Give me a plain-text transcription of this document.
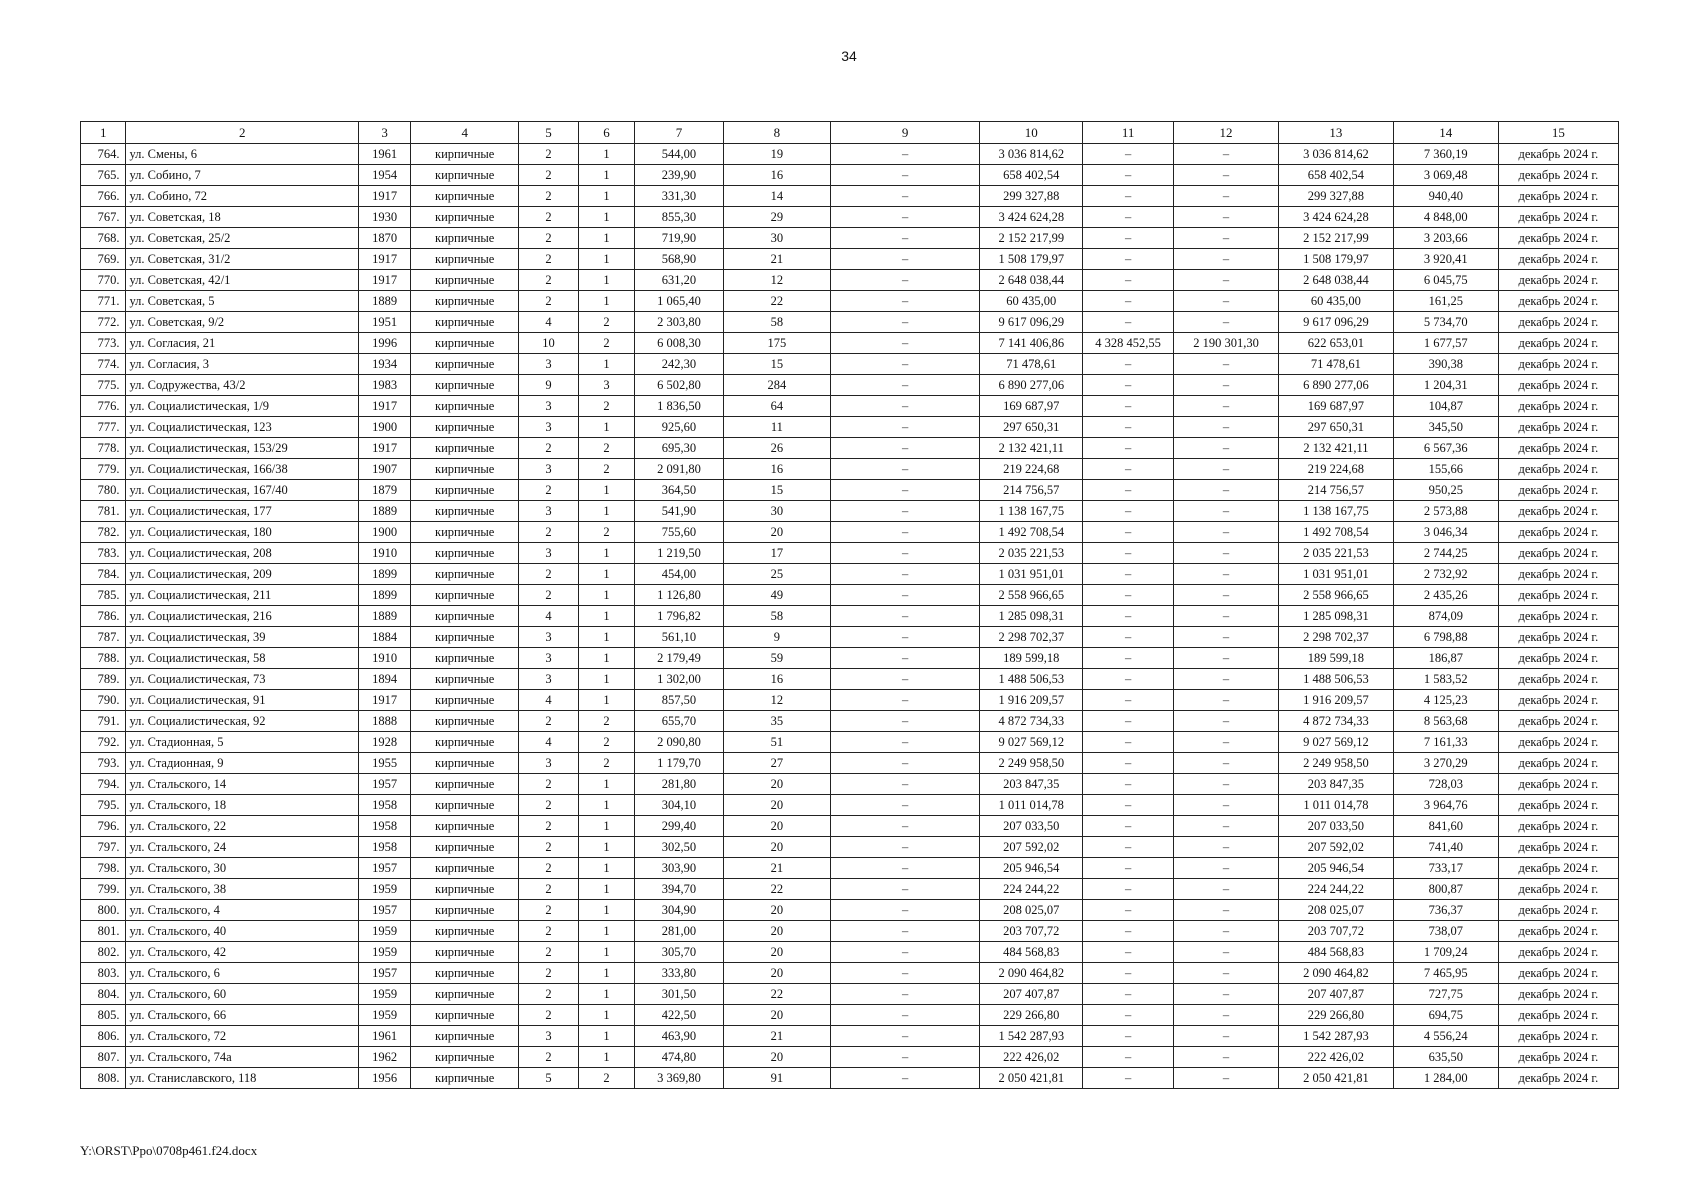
34
1	2	3	4	5	6	7	8	9	10	11	12	13	14	15
764.	ул. Смены, 6	1961	кирпичные	2	1	544,00	19	–	3 036 814,62	–	–	3 036 814,62	7 360,19	декабрь 2024 г.
765.	ул. Собино, 7	1954	кирпичные	2	1	239,90	16	–	658 402,54	–	–	658 402,54	3 069,48	декабрь 2024 г.
766.	ул. Собино, 72	1917	кирпичные	2	1	331,30	14	–	299 327,88	–	–	299 327,88	940,40	декабрь 2024 г.
767.	ул. Советская, 18	1930	кирпичные	2	1	855,30	29	–	3 424 624,28	–	–	3 424 624,28	4 848,00	декабрь 2024 г.
768.	ул. Советская, 25/2	1870	кирпичные	2	1	719,90	30	–	2 152 217,99	–	–	2 152 217,99	3 203,66	декабрь 2024 г.
769.	ул. Советская, 31/2	1917	кирпичные	2	1	568,90	21	–	1 508 179,97	–	–	1 508 179,97	3 920,41	декабрь 2024 г.
770.	ул. Советская, 42/1	1917	кирпичные	2	1	631,20	12	–	2 648 038,44	–	–	2 648 038,44	6 045,75	декабрь 2024 г.
771.	ул. Советская, 5	1889	кирпичные	2	1	1 065,40	22	–	60 435,00	–	–	60 435,00	161,25	декабрь 2024 г.
772.	ул. Советская, 9/2	1951	кирпичные	4	2	2 303,80	58	–	9 617 096,29	–	–	9 617 096,29	5 734,70	декабрь 2024 г.
773.	ул. Согласия, 21	1996	кирпичные	10	2	6 008,30	175	–	7 141 406,86	4 328 452,55	2 190 301,30	622 653,01	1 677,57	декабрь 2024 г.
774.	ул. Согласия, 3	1934	кирпичные	3	1	242,30	15	–	71 478,61	–	–	71 478,61	390,38	декабрь 2024 г.
775.	ул. Содружества, 43/2	1983	кирпичные	9	3	6 502,80	284	–	6 890 277,06	–	–	6 890 277,06	1 204,31	декабрь 2024 г.
776.	ул. Социалистическая, 1/9	1917	кирпичные	3	2	1 836,50	64	–	169 687,97	–	–	169 687,97	104,87	декабрь 2024 г.
777.	ул. Социалистическая, 123	1900	кирпичные	3	1	925,60	11	–	297 650,31	–	–	297 650,31	345,50	декабрь 2024 г.
778.	ул. Социалистическая, 153/29	1917	кирпичные	2	2	695,30	26	–	2 132 421,11	–	–	2 132 421,11	6 567,36	декабрь 2024 г.
779.	ул. Социалистическая, 166/38	1907	кирпичные	3	2	2 091,80	16	–	219 224,68	–	–	219 224,68	155,66	декабрь 2024 г.
780.	ул. Социалистическая, 167/40	1879	кирпичные	2	1	364,50	15	–	214 756,57	–	–	214 756,57	950,25	декабрь 2024 г.
781.	ул. Социалистическая, 177	1889	кирпичные	3	1	541,90	30	–	1 138 167,75	–	–	1 138 167,75	2 573,88	декабрь 2024 г.
782.	ул. Социалистическая, 180	1900	кирпичные	2	2	755,60	20	–	1 492 708,54	–	–	1 492 708,54	3 046,34	декабрь 2024 г.
783.	ул. Социалистическая, 208	1910	кирпичные	3	1	1 219,50	17	–	2 035 221,53	–	–	2 035 221,53	2 744,25	декабрь 2024 г.
784.	ул. Социалистическая, 209	1899	кирпичные	2	1	454,00	25	–	1 031 951,01	–	–	1 031 951,01	2 732,92	декабрь 2024 г.
785.	ул. Социалистическая, 211	1899	кирпичные	2	1	1 126,80	49	–	2 558 966,65	–	–	2 558 966,65	2 435,26	декабрь 2024 г.
786.	ул. Социалистическая, 216	1889	кирпичные	4	1	1 796,82	58	–	1 285 098,31	–	–	1 285 098,31	874,09	декабрь 2024 г.
787.	ул. Социалистическая, 39	1884	кирпичные	3	1	561,10	9	–	2 298 702,37	–	–	2 298 702,37	6 798,88	декабрь 2024 г.
788.	ул. Социалистическая, 58	1910	кирпичные	3	1	2 179,49	59	–	189 599,18	–	–	189 599,18	186,87	декабрь 2024 г.
789.	ул. Социалистическая, 73	1894	кирпичные	3	1	1 302,00	16	–	1 488 506,53	–	–	1 488 506,53	1 583,52	декабрь 2024 г.
790.	ул. Социалистическая, 91	1917	кирпичные	4	1	857,50	12	–	1 916 209,57	–	–	1 916 209,57	4 125,23	декабрь 2024 г.
791.	ул. Социалистическая, 92	1888	кирпичные	2	2	655,70	35	–	4 872 734,33	–	–	4 872 734,33	8 563,68	декабрь 2024 г.
792.	ул. Стадионная, 5	1928	кирпичные	4	2	2 090,80	51	–	9 027 569,12	–	–	9 027 569,12	7 161,33	декабрь 2024 г.
793.	ул. Стадионная, 9	1955	кирпичные	3	2	1 179,70	27	–	2 249 958,50	–	–	2 249 958,50	3 270,29	декабрь 2024 г.
794.	ул. Стальского, 14	1957	кирпичные	2	1	281,80	20	–	203 847,35	–	–	203 847,35	728,03	декабрь 2024 г.
795.	ул. Стальского, 18	1958	кирпичные	2	1	304,10	20	–	1 011 014,78	–	–	1 011 014,78	3 964,76	декабрь 2024 г.
796.	ул. Стальского, 22	1958	кирпичные	2	1	299,40	20	–	207 033,50	–	–	207 033,50	841,60	декабрь 2024 г.
797.	ул. Стальского, 24	1958	кирпичные	2	1	302,50	20	–	207 592,02	–	–	207 592,02	741,40	декабрь 2024 г.
798.	ул. Стальского, 30	1957	кирпичные	2	1	303,90	21	–	205 946,54	–	–	205 946,54	733,17	декабрь 2024 г.
799.	ул. Стальского, 38	1959	кирпичные	2	1	394,70	22	–	224 244,22	–	–	224 244,22	800,87	декабрь 2024 г.
800.	ул. Стальского, 4	1957	кирпичные	2	1	304,90	20	–	208 025,07	–	–	208 025,07	736,37	декабрь 2024 г.
801.	ул. Стальского, 40	1959	кирпичные	2	1	281,00	20	–	203 707,72	–	–	203 707,72	738,07	декабрь 2024 г.
802.	ул. Стальского, 42	1959	кирпичные	2	1	305,70	20	–	484 568,83	–	–	484 568,83	1 709,24	декабрь 2024 г.
803.	ул. Стальского, 6	1957	кирпичные	2	1	333,80	20	–	2 090 464,82	–	–	2 090 464,82	7 465,95	декабрь 2024 г.
804.	ул. Стальского, 60	1959	кирпичные	2	1	301,50	22	–	207 407,87	–	–	207 407,87	727,75	декабрь 2024 г.
805.	ул. Стальского, 66	1959	кирпичные	2	1	422,50	20	–	229 266,80	–	–	229 266,80	694,75	декабрь 2024 г.
806.	ул. Стальского, 72	1961	кирпичные	3	1	463,90	21	–	1 542 287,93	–	–	1 542 287,93	4 556,24	декабрь 2024 г.
807.	ул. Стальского, 74а	1962	кирпичные	2	1	474,80	20	–	222 426,02	–	–	222 426,02	635,50	декабрь 2024 г.
808.	ул. Станиславского, 118	1956	кирпичные	5	2	3 369,80	91	–	2 050 421,81	–	–	2 050 421,81	1 284,00	декабрь 2024 г.
Y:\ORST\Ppo\0708p461.f24.docx
